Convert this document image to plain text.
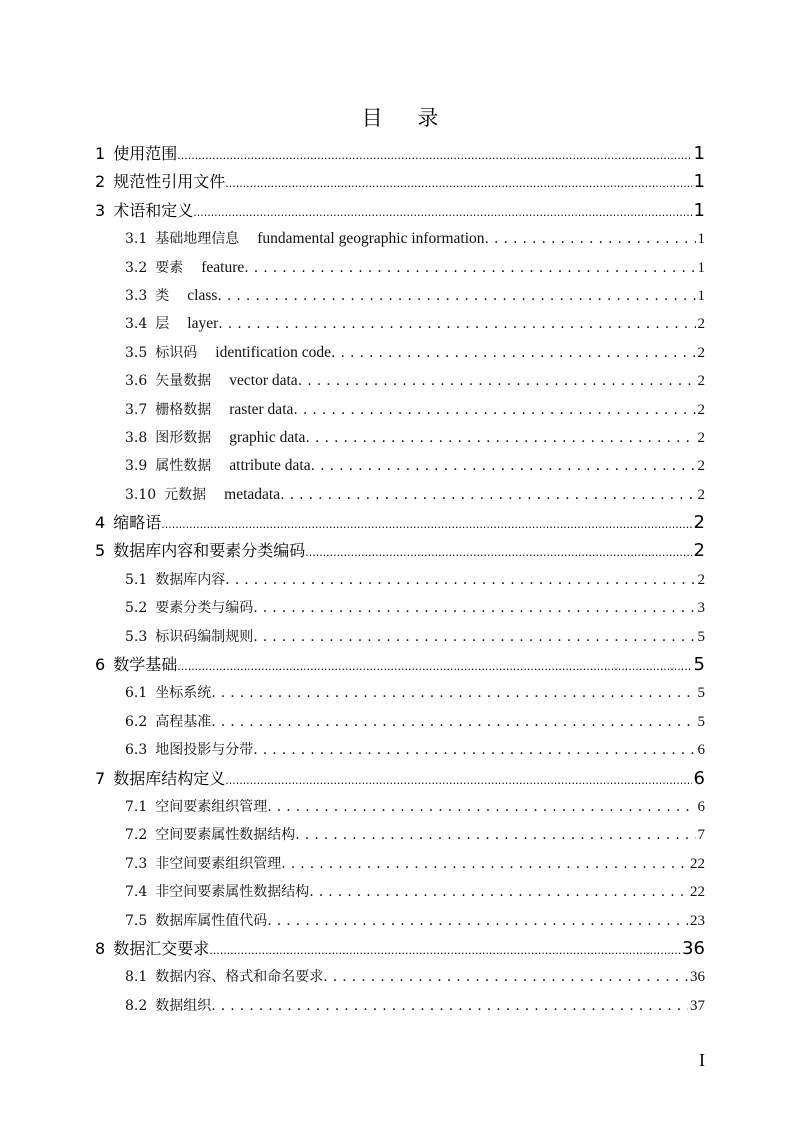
目 录
1 使用范围 .....	1
2 规范性引用文件 .....	1
3 术语和定义 .....	1
3.1 基础地理信息 fundamental geographic information . . .	1
3.2 要素 feature . . .	1
3.3 类 class . . .	1
3.4 层 layer . . .	2
3.5 标识码 identification code . . .	2
3.6 矢量数据 vector data . . .	2
3.7 栅格数据 raster data . . .	2
3.8 图形数据 graphic data . . .	2
3.9 属性数据 attribute data . . .	2
3.10 元数据 metadata . . .	2
4 缩略语 .....	2
5 数据库内容和要素分类编码 .....	2
5.1 数据库内容 . . .	2
5.2 要素分类与编码 . . .	3
5.3 标识码编制规则 . . .	5
6 数学基础 .....	5
6.1 坐标系统 . . .	5
6.2 高程基准 . . .	5
6.3 地图投影与分带 . . .	6
7 数据库结构定义 .....	6
7.1 空间要素组织管理 . . .	6
7.2 空间要素属性数据结构 . . .	7
7.3 非空间要素组织管理 . . .	22
7.4 非空间要素属性数据结构 . . .	22
7.5 数据库属性值代码 . . .	23
8 数据汇交要求 .....	36
8.1 数据内容、格式和命名要求 . . .	36
8.2 数据组织 . . .	37
I
